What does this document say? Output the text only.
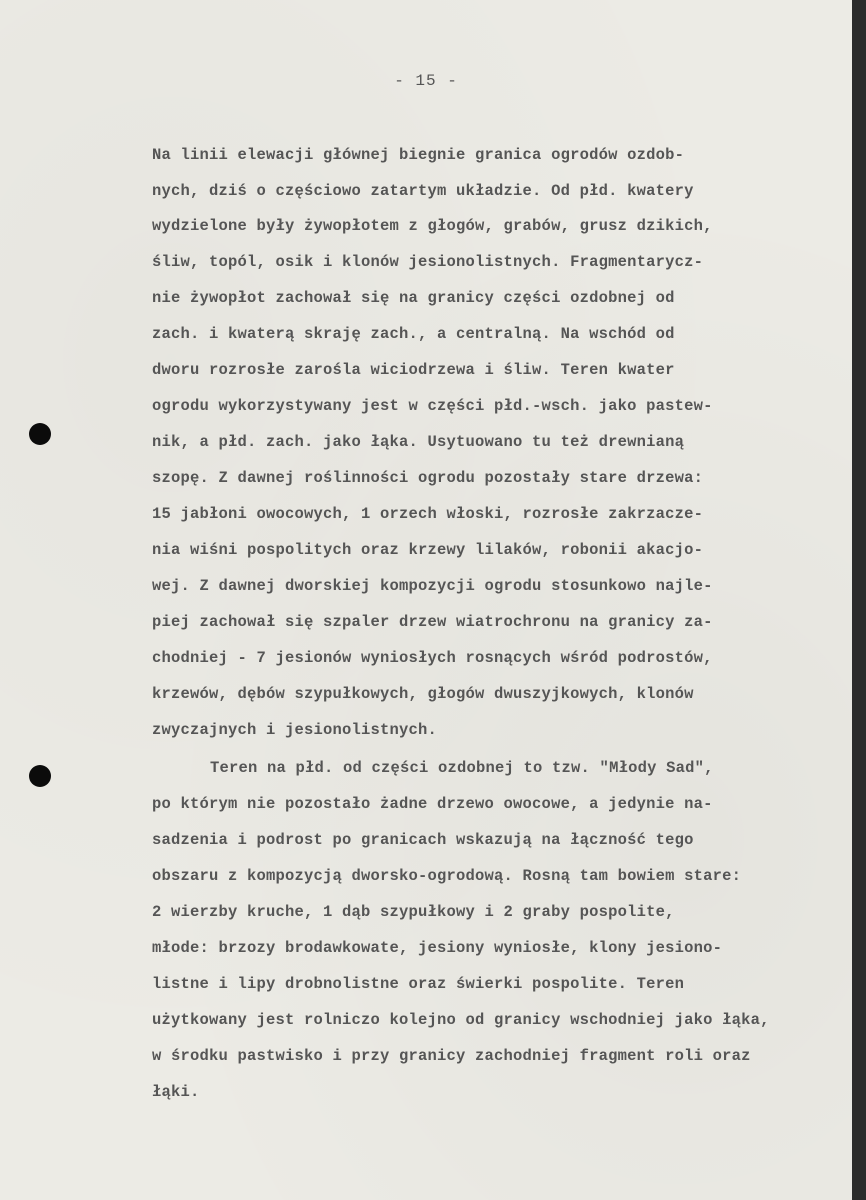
- 15 -
Na linii elewacji głównej biegnie granica ogrodów ozdob-
nych, dziś o częściowo zatartym układzie. Od płd. kwatery
wydzielone były żywopłotem z głogów, grabów, grusz dzikich,
śliw, topól, osik i klonów jesionolistnych. Fragmentarycz-
nie żywopłot zachował się na granicy części ozdobnej od
zach. i kwaterą skraję zach., a centralną. Na wschód od
dworu rozrosłe zarośla wiciodrzewa i śliw. Teren kwater
ogrodu wykorzystywany jest w części płd.-wsch. jako pastew-
nik, a płd. zach. jako łąka. Usytuowano tu też drewnianą
szopę. Z dawnej roślinności ogrodu pozostały stare drzewa:
15 jabłoni owocowych, 1 orzech włoski, rozrosłe zakrzacze-
nia wiśni pospolitych oraz krzewy lilaków, robonii akacjo-
wej. Z dawnej dworskiej kompozycji ogrodu stosunkowo najle-
piej zachował się szpaler drzew wiatrochronu na granicy za-
chodniej - 7 jesionów wyniosłych rosnących wśród podrostów,
krzewów, dębów szypułkowych, głogów dwuszyjkowych, klonów
zwyczajnych i jesionolistnych.
Teren na płd. od części ozdobnej to tzw. "Młody Sad",
po którym nie pozostało żadne drzewo owocowe, a jedynie na-
sadzenia i podrost po granicach wskazują na łączność tego
obszaru z kompozycją dworsko-ogrodową. Rosną tam bowiem stare:
2 wierzby kruche, 1 dąb szypułkowy i 2 graby pospolite,
młode: brzozy brodawkowate, jesiony wyniosłe, klony jesiono-
listne i lipy drobnolistne oraz świerki pospolite. Teren
użytkowany jest rolniczo kolejno od granicy wschodniej jako łąka,
w środku pastwisko i przy granicy zachodniej fragment roli oraz
łąki.
